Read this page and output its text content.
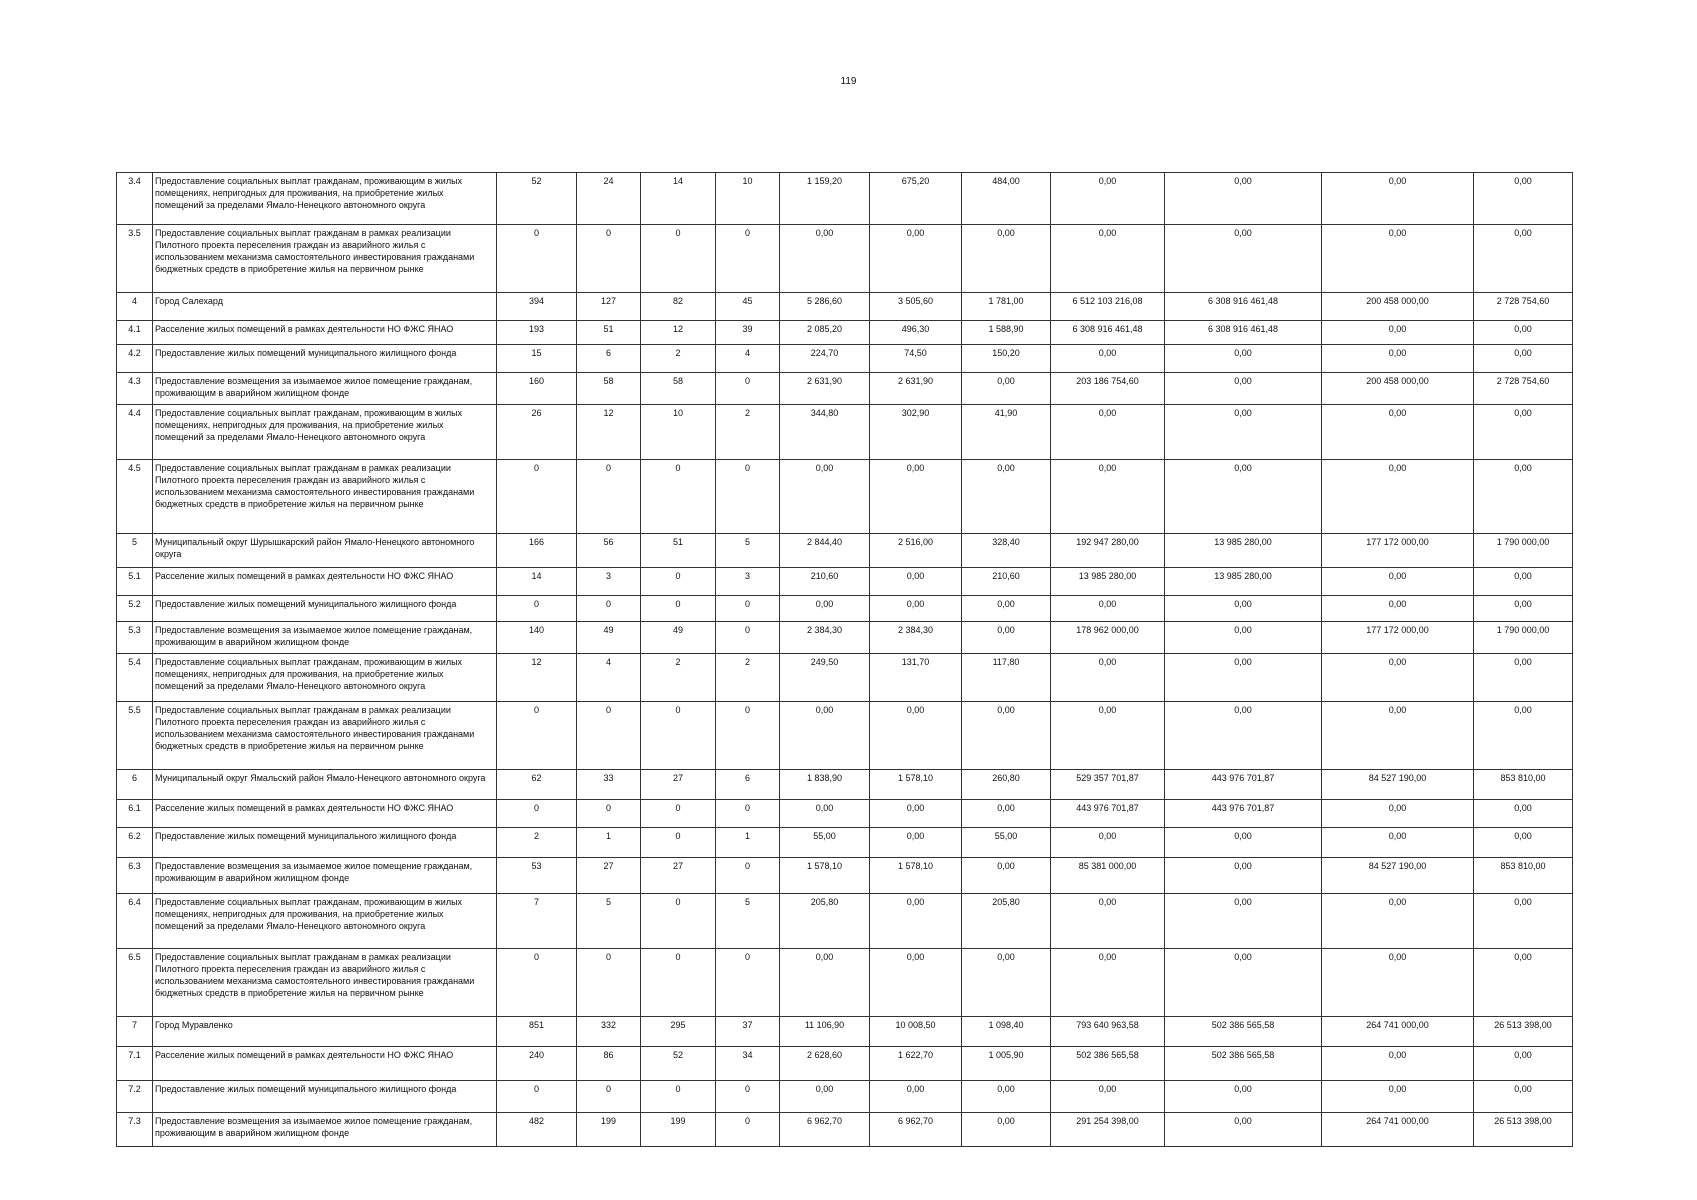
119
3.4	Предоставление социальных выплат гражданам, проживающим в жилых помещениях, непригодных для проживания, на приобретение жилых помещений за пределами Ямало-Ненецкого автономного округа	52	24	14	10	1 159,20	675,20	484,00	0,00	0,00	0,00	0,00
3.5	Предоставление социальных выплат гражданам в рамках реализации Пилотного проекта переселения граждан из аварийного жилья с использованием механизма самостоятельного инвестирования гражданами бюджетных средств в приобретение жилья на первичном рынке	0	0	0	0	0,00	0,00	0,00	0,00	0,00	0,00	0,00
4	Город Салехард	394	127	82	45	5 286,60	3 505,60	1 781,00	6 512 103 216,08	6 308 916 461,48	200 458 000,00	2 728 754,60
4.1	Расселение жилых помещений в рамках деятельности НО ФЖС ЯНАО	193	51	12	39	2 085,20	496,30	1 588,90	6 308 916 461,48	6 308 916 461,48	0,00	0,00
4.2	Предоставление жилых помещений муниципального жилищного фонда	15	6	2	4	224,70	74,50	150,20	0,00	0,00	0,00	0,00
4.3	Предоставление возмещения за изымаемое жилое помещение гражданам, проживающим в аварийном жилищном фонде	160	58	58	0	2 631,90	2 631,90	0,00	203 186 754,60	0,00	200 458 000,00	2 728 754,60
4.4	Предоставление социальных выплат гражданам, проживающим в жилых помещениях, непригодных для проживания, на приобретение жилых помещений за пределами Ямало-Ненецкого автономного округа	26	12	10	2	344,80	302,90	41,90	0,00	0,00	0,00	0,00
4.5	Предоставление социальных выплат гражданам в рамках реализации Пилотного проекта переселения граждан из аварийного жилья с использованием механизма самостоятельного инвестирования гражданами бюджетных средств в приобретение жилья на первичном рынке	0	0	0	0	0,00	0,00	0,00	0,00	0,00	0,00	0,00
5	Муниципальный округ Шурышкарский район Ямало-Ненецкого автономного округа	166	56	51	5	2 844,40	2 516,00	328,40	192 947 280,00	13 985 280,00	177 172 000,00	1 790 000,00
5.1	Расселение жилых помещений в рамках деятельности НО ФЖС ЯНАО	14	3	0	3	210,60	0,00	210,60	13 985 280,00	13 985 280,00	0,00	0,00
5.2	Предоставление жилых помещений муниципального жилищного фонда	0	0	0	0	0,00	0,00	0,00	0,00	0,00	0,00	0,00
5.3	Предоставление возмещения за изымаемое жилое помещение гражданам, проживающим в аварийном жилищном фонде	140	49	49	0	2 384,30	2 384,30	0,00	178 962 000,00	0,00	177 172 000,00	1 790 000,00
5.4	Предоставление социальных выплат гражданам, проживающим в жилых помещениях, непригодных для проживания, на приобретение жилых помещений за пределами Ямало-Ненецкого автономного округа	12	4	2	2	249,50	131,70	117,80	0,00	0,00	0,00	0,00
5.5	Предоставление социальных выплат гражданам в рамках реализации Пилотного проекта переселения граждан из аварийного жилья с использованием механизма самостоятельного инвестирования гражданами бюджетных средств в приобретение жилья на первичном рынке	0	0	0	0	0,00	0,00	0,00	0,00	0,00	0,00	0,00
6	Муниципальный округ Ямальский район Ямало-Ненецкого автономного округа	62	33	27	6	1 838,90	1 578,10	260,80	529 357 701,87	443 976 701,87	84 527 190,00	853 810,00
6.1	Расселение жилых помещений в рамках деятельности НО ФЖС ЯНАО	0	0	0	0	0,00	0,00	0,00	443 976 701,87	443 976 701,87	0,00	0,00
6.2	Предоставление жилых помещений муниципального жилищного фонда	2	1	0	1	55,00	0,00	55,00	0,00	0,00	0,00	0,00
6.3	Предоставление возмещения за изымаемое жилое помещение гражданам, проживающим в аварийном жилищном фонде	53	27	27	0	1 578,10	1 578,10	0,00	85 381 000,00	0,00	84 527 190,00	853 810,00
6.4	Предоставление социальных выплат гражданам, проживающим в жилых помещениях, непригодных для проживания, на приобретение жилых помещений за пределами Ямало-Ненецкого автономного округа	7	5	0	5	205,80	0,00	205,80	0,00	0,00	0,00	0,00
6.5	Предоставление социальных выплат гражданам в рамках реализации Пилотного проекта переселения граждан из аварийного жилья с использованием механизма самостоятельного инвестирования гражданами бюджетных средств в приобретение жилья на первичном рынке	0	0	0	0	0,00	0,00	0,00	0,00	0,00	0,00	0,00
7	Город Муравленко	851	332	295	37	11 106,90	10 008,50	1 098,40	793 640 963,58	502 386 565,58	264 741 000,00	26 513 398,00
7.1	Расселение жилых помещений в рамках деятельности НО ФЖС ЯНАО	240	86	52	34	2 628,60	1 622,70	1 005,90	502 386 565,58	502 386 565,58	0,00	0,00
7.2	Предоставление жилых помещений муниципального жилищного фонда	0	0	0	0	0,00	0,00	0,00	0,00	0,00	0,00	0,00
7.3	Предоставление возмещения за изымаемое жилое помещение гражданам, проживающим в аварийном жилищном фонде	482	199	199	0	6 962,70	6 962,70	0,00	291 254 398,00	0,00	264 741 000,00	26 513 398,00
